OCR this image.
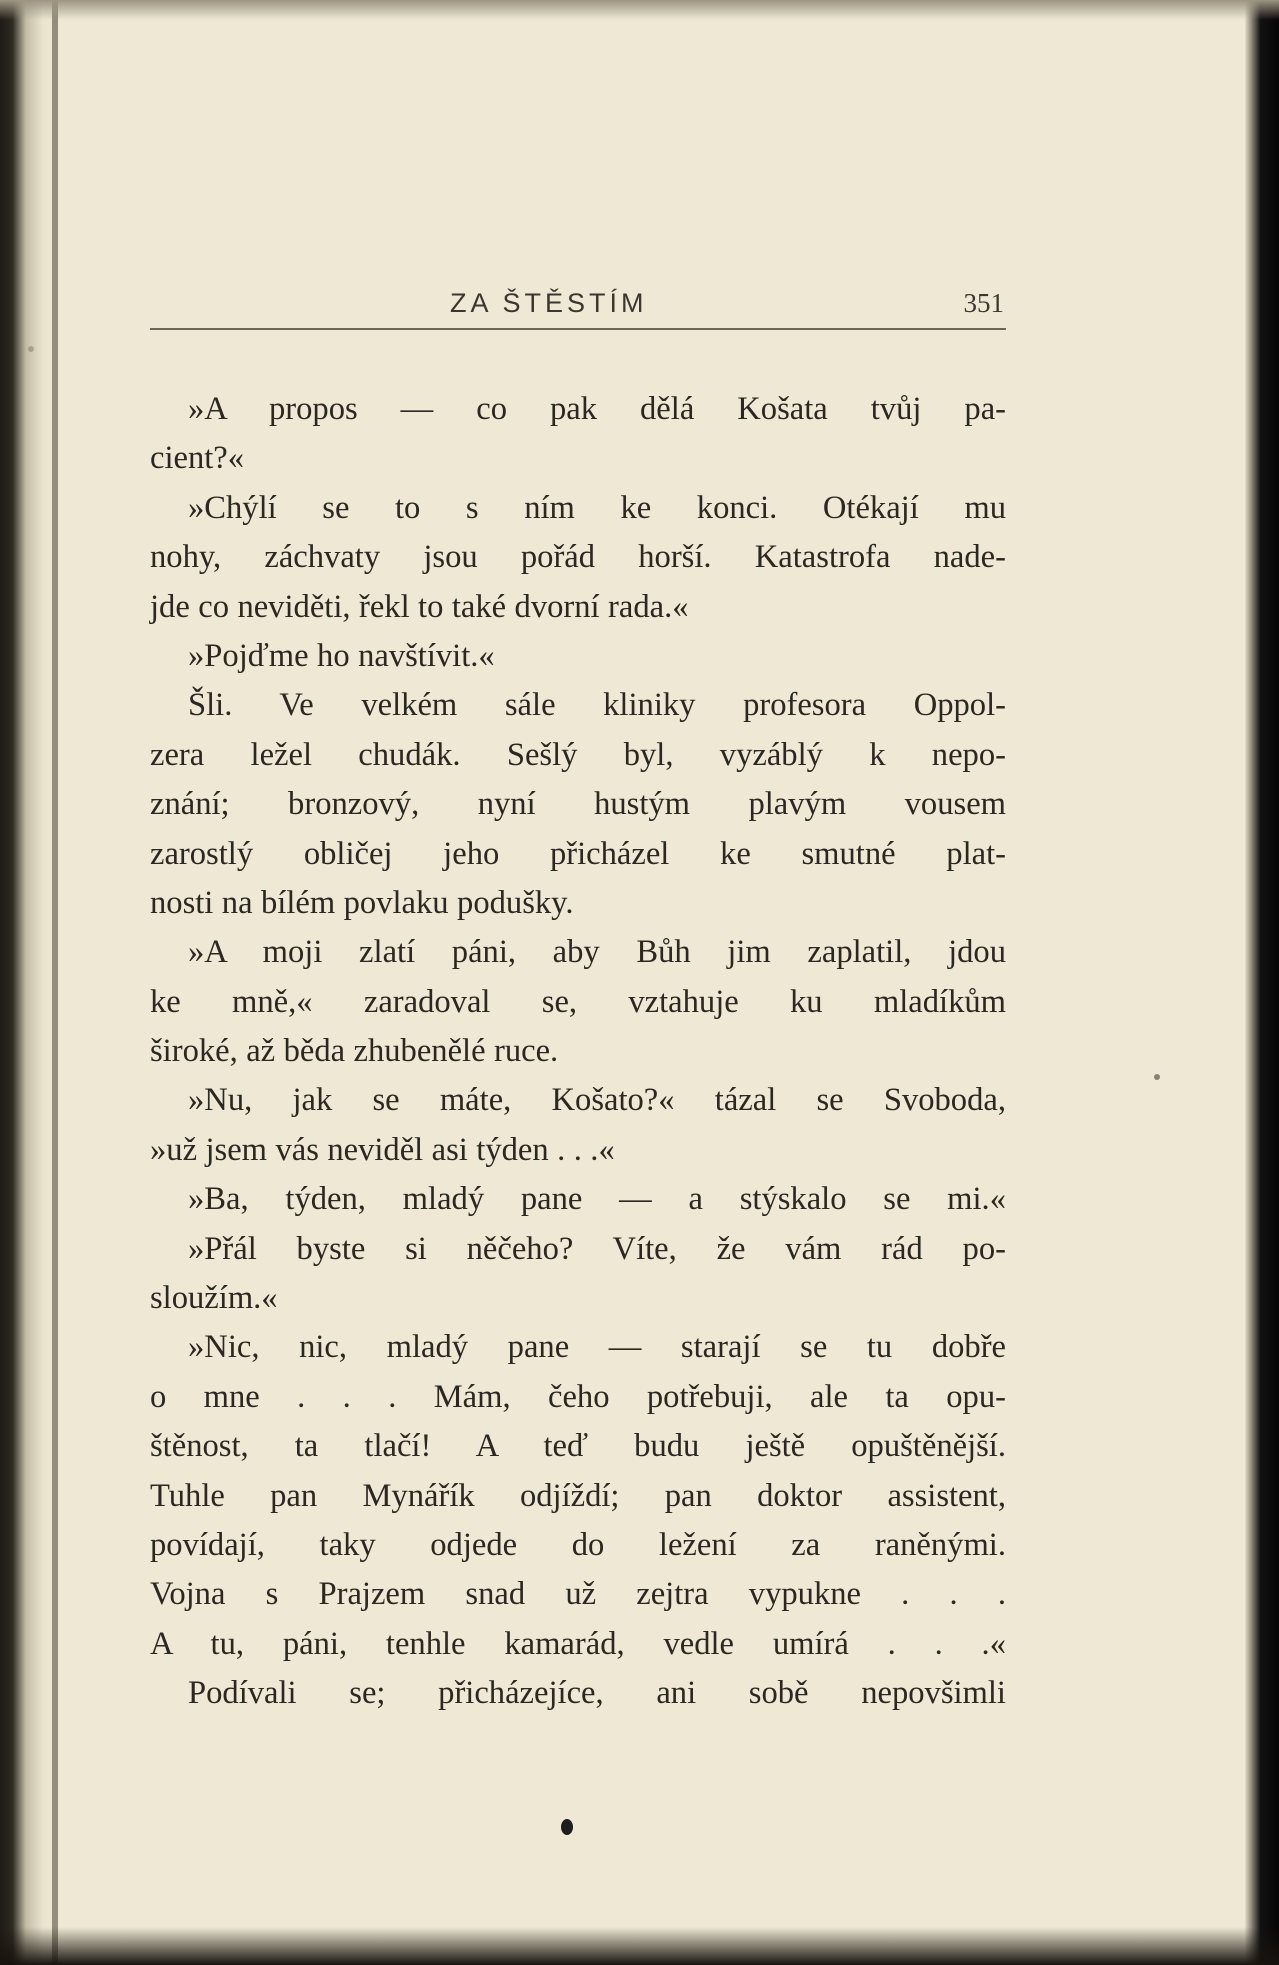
ZA ŠTĚSTÍM	351
»A propos — co pak dělá Košata tvůj pa-
cient?«
»Chýlí se to s ním ke konci. Otékají mu
nohy, záchvaty jsou pořád horší. Katastrofa nade-
jde co neviděti, řekl to také dvorní rada.«
»Pojďme ho navštívit.«
Šli. Ve velkém sále kliniky profesora Oppol-
zera ležel chudák. Sešlý byl, vyzáblý k nepo-
znání; bronzový, nyní hustým plavým vousem
zarostlý obličej jeho přicházel ke smutné plat-
nosti na bílém povlaku podušky.
»A moji zlatí páni, aby Bůh jim zaplatil, jdou
ke mně,« zaradoval se, vztahuje ku mladíkům
široké, až běda zhubenělé ruce.
»Nu, jak se máte, Košato?« tázal se Svoboda,
»už jsem vás neviděl asi týden . . .«
»Ba, týden, mladý pane — a stýskalo se mi.«
»Přál byste si něčeho? Víte, že vám rád po-
sloužím.«
»Nic, nic, mladý pane — starají se tu dobře
o mne . . . Mám, čeho potřebuji, ale ta opu-
štěnost, ta tlačí! A teď budu ještě opuštěnější.
Tuhle pan Mynářík odjíždí; pan doktor assistent,
povídají, taky odjede do ležení za raněnými.
Vojna s Prajzem snad už zejtra vypukne . . .
A tu, páni, tenhle kamarád, vedle umírá . . .«
Podívali se; přicházejíce, ani sobě nepovšimli
